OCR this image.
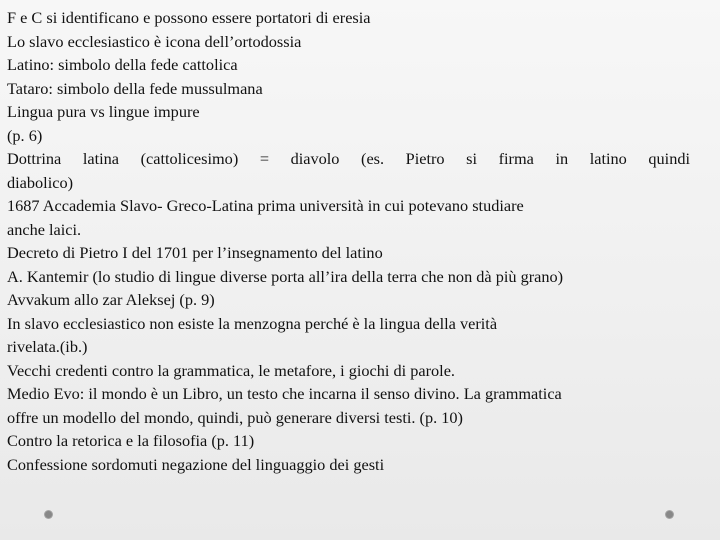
F e C si identificano e possono essere portatori di eresia
Lo slavo ecclesiastico è icona dell’ortodossia
Latino: simbolo della fede cattolica
Tataro: simbolo della fede mussulmana
Lingua pura vs lingue impure
(p. 6)
Dottrina latina (cattolicesimo) = diavolo (es. Pietro si firma in latino quindi
diabolico)
1687 Accademia Slavo- Greco-Latina prima università in cui potevano studiare
anche laici.
Decreto di Pietro I del 1701 per l’insegnamento del latino
A. Kantemir (lo studio di lingue diverse porta all’ira della terra che non dà più grano)
Avvakum allo zar Aleksej (p. 9)
In slavo ecclesiastico non esiste la menzogna perché è la lingua della verità
rivelata.(ib.)
Vecchi credenti contro la grammatica, le metafore, i giochi di parole.
Medio Evo: il mondo è un Libro, un testo che incarna il senso divino. La grammatica
offre un modello del mondo, quindi, può generare diversi testi. (p. 10)
Contro la retorica e la filosofia (p. 11)
Confessione sordomuti negazione del linguaggio dei gesti
